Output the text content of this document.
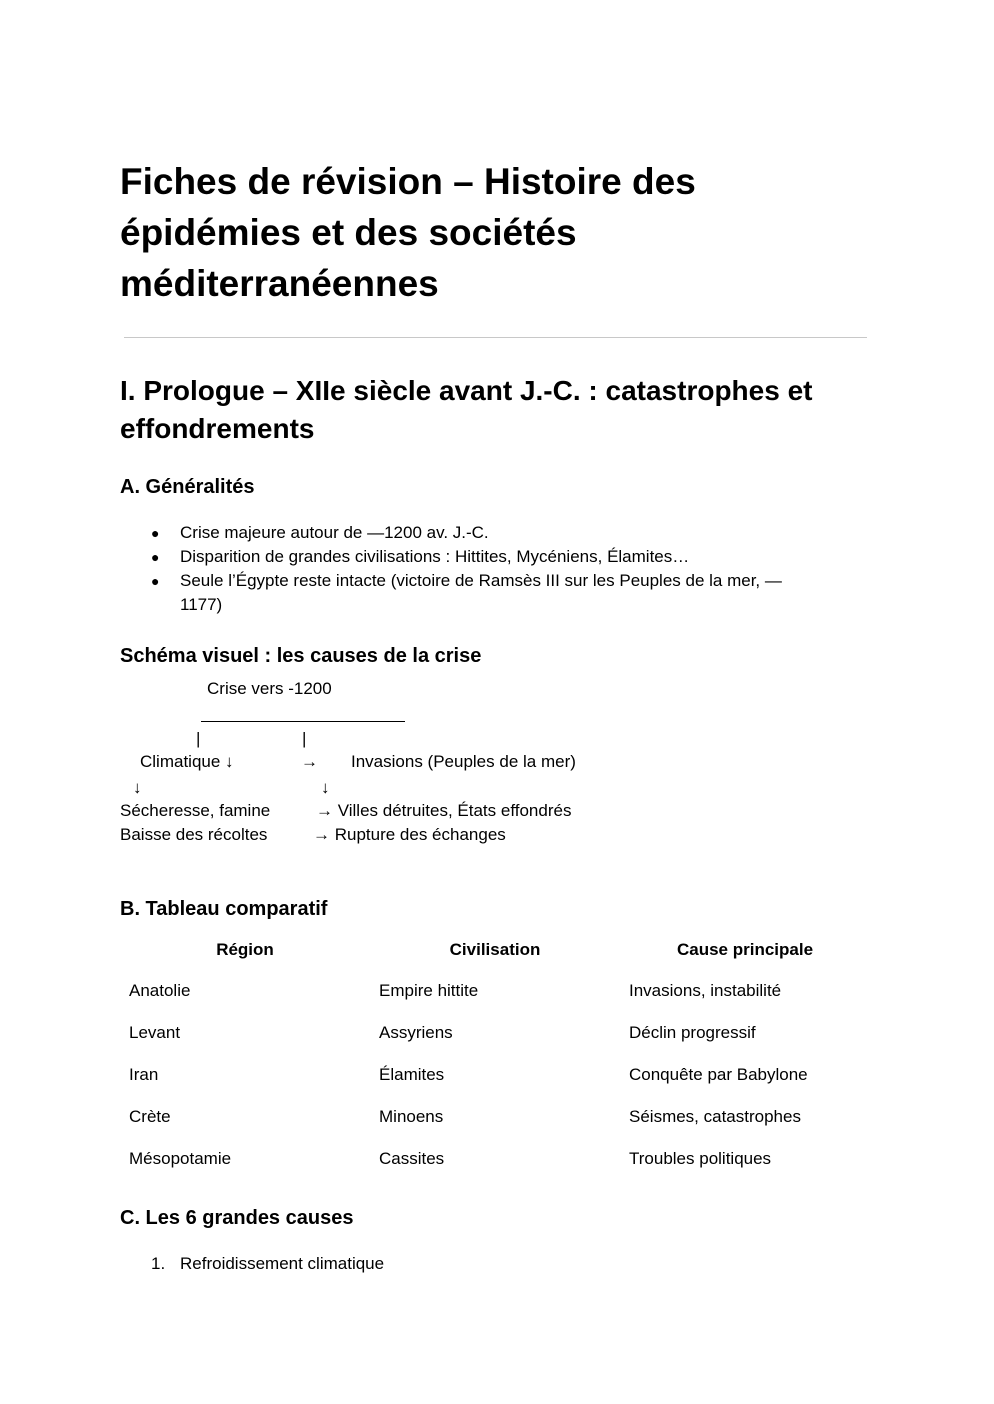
Fiches de révision – Histoire des épidémies et des sociétés méditerranéennes
I. Prologue – XIIe siècle avant J.-C. : catastrophes et effondrements
A. Généralités
● Crise majeure autour de —1200 av. J.-C.
● Disparition de grandes civilisations : Hittites, Mycéniens, Élamites…
● Seule l’Égypte reste intacte (victoire de Ramsès III sur les Peuples de la mer, —1177)
Schéma visuel : les causes de la crise
Crise vers -1200
|	|
Climatique ↓	→ Invasions (Peuples de la mer)
↓	↓
Sécheresse, famine	→ Villes détruites, États effondrés
Baisse des récoltes	→ Rupture des échanges
B. Tableau comparatif
Région	Civilisation	Cause principale
Anatolie	Empire hittite	Invasions, instabilité
Levant	Assyriens	Déclin progressif
Iran	Élamites	Conquête par Babylone
Crète	Minoens	Séismes, catastrophes
Mésopotamie	Cassites	Troubles politiques
C. Les 6 grandes causes
1. Refroidissement climatique
